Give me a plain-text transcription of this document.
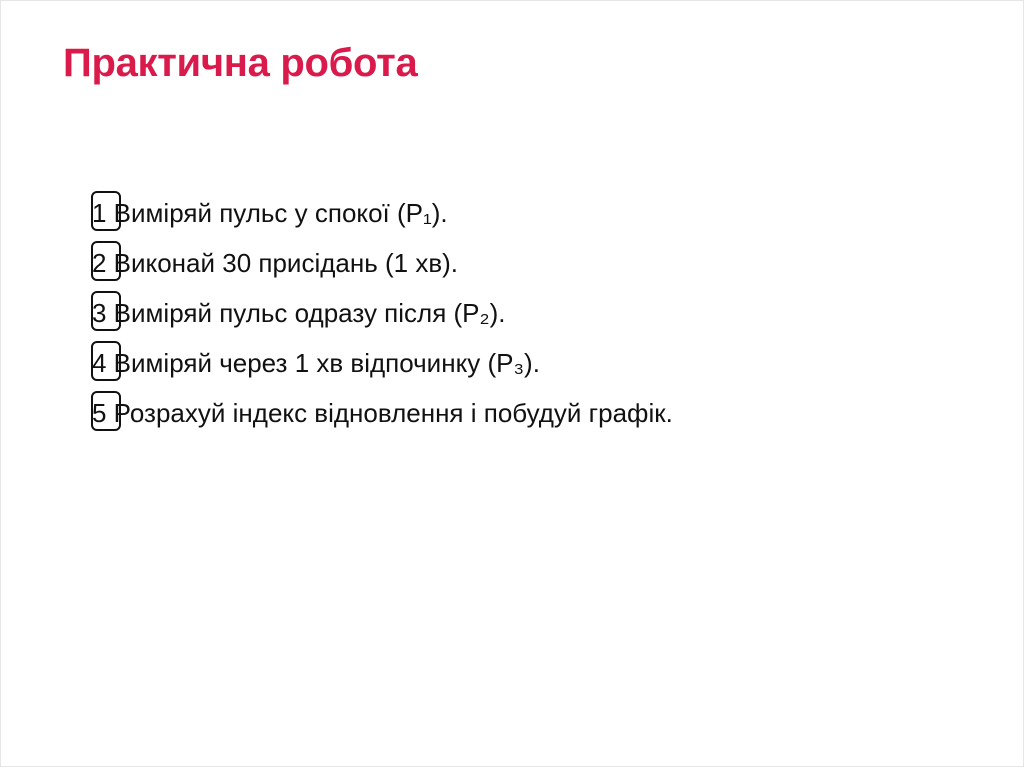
Практична робота
1 Виміряй пульс у спокої (P₁).
2 Виконай 30 присідань (1 хв).
3 Виміряй пульс одразу після (P₂).
4 Виміряй через 1 хв відпочинку (P₃).
5 Розрахуй індекс відновлення і побудуй графік.
